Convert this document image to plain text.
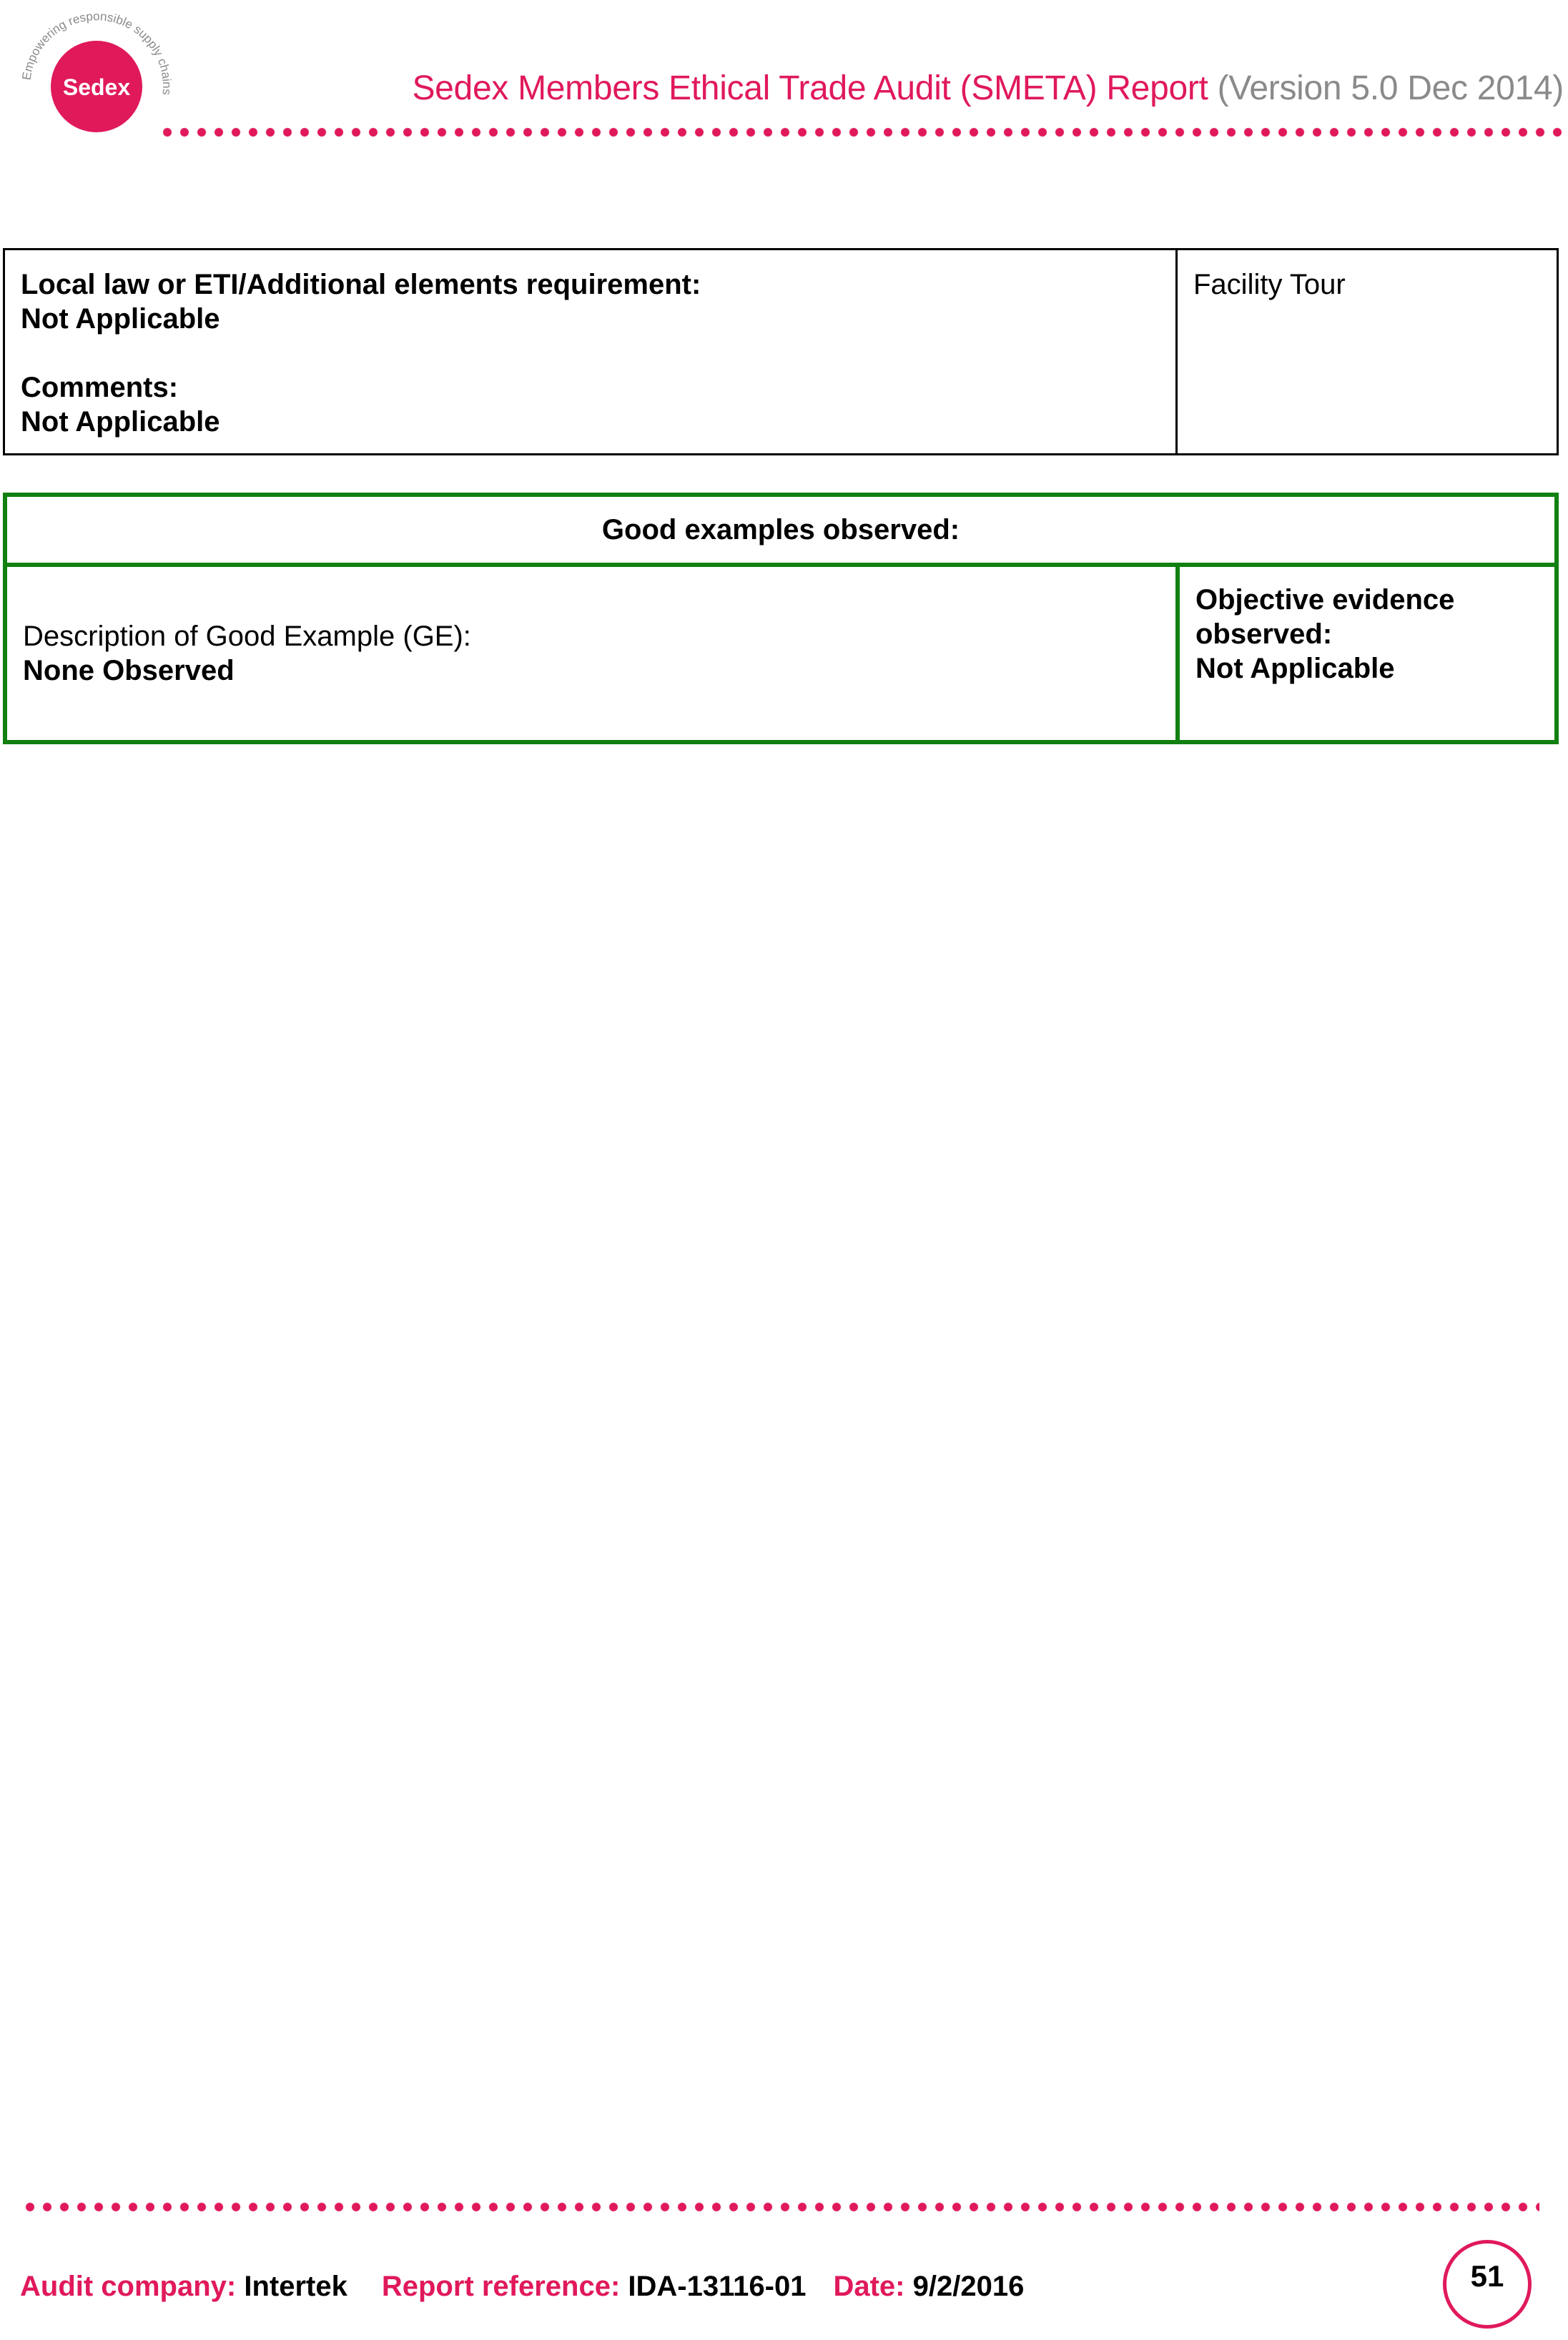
Sedex
Empowering responsible supply chains	Sedex Members Ethical Trade Audit (SMETA) Report (Version 5.0 Dec 2014)
Local law or ETI/Additional elements requirement:
Not Applicable
Comments:
Not Applicable
Facility Tour
Good examples observed:
Description of Good Example (GE):
None Observed
Objective evidence observed:
Not Applicable
Audit company: Intertek Report reference: IDA-13116-01 Date: 9/2/2016	51
